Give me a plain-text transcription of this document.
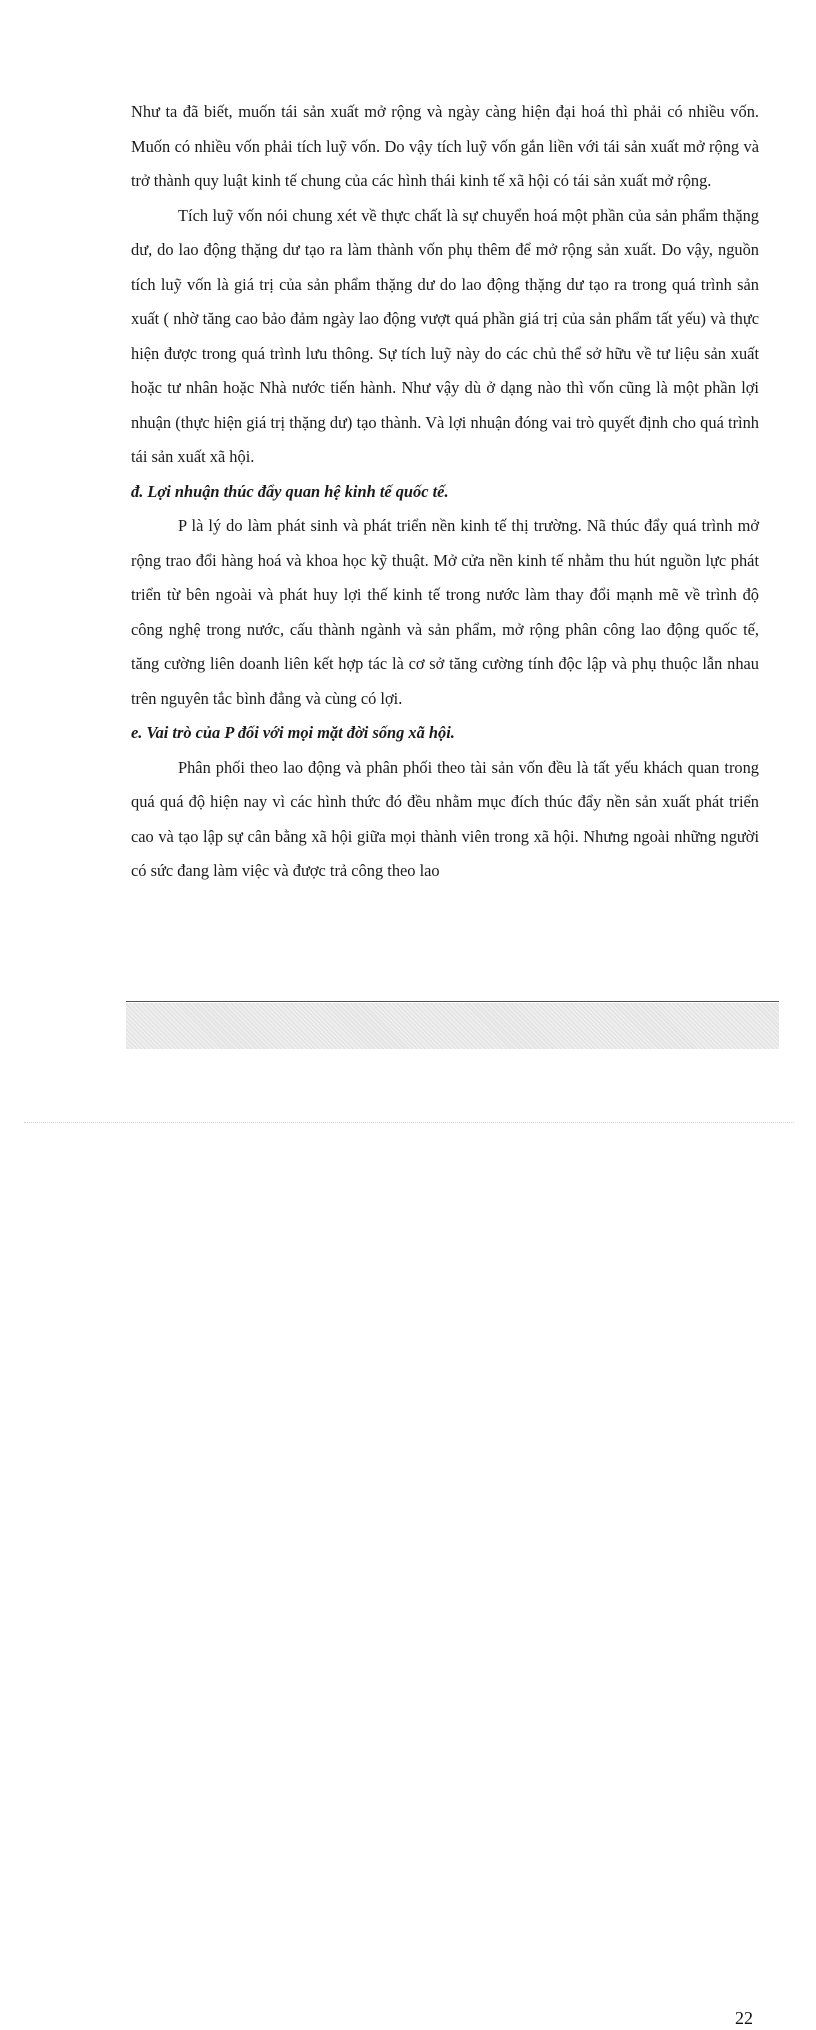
Như ta đã biết, muốn tái sản xuất mở rộng và ngày càng hiện đại hoá thì phải có nhiều vốn. Muốn có nhiều vốn phải tích luỹ vốn. Do vậy tích luỹ vốn gắn liền với tái sản xuất mở rộng và trở thành quy luật kinh tế chung của các hình thái kinh tế xã hội có tái sản xuất mở rộng.

Tích luỹ vốn nói chung xét về thực chất là sự chuyển hoá một phần của sản phẩm thặng dư, do lao động thặng dư tạo ra làm thành vốn phụ thêm để mở rộng sản xuất. Do vậy, nguồn tích luỹ vốn là giá trị của sản phẩm thặng dư do lao động thặng dư tạo ra trong quá trình sản xuất ( nhờ tăng cao bảo đảm ngày lao động vượt quá phần giá trị của sản phẩm tất yếu) và thực hiện được trong quá trình lưu thông. Sự tích luỹ này do các chủ thể sở hữu về tư liệu sản xuất hoặc tư nhân hoặc Nhà nước tiến hành. Như vậy dù ở dạng nào thì vốn cũng là một phần lợi nhuận (thực hiện giá trị thặng dư) tạo thành. Và lợi nhuận đóng vai trò quyết định cho quá trình tái sản xuất xã hội.

đ. Lợi nhuận thúc đẩy quan hệ kinh tế quốc tế.

P là lý do làm phát sinh và phát triển nền kinh tế thị trường. Nã thúc đẩy quá trình mở rộng trao đổi hàng hoá và khoa học kỹ thuật. Mở cửa nền kinh tế nhằm thu hút nguồn lực phát triển từ bên ngoài và phát huy lợi thế kinh tế trong nước làm thay đổi mạnh mẽ về trình độ công nghệ trong nước, cấu thành ngành và sản phẩm, mở rộng phân công lao động quốc tế, tăng cường liên doanh liên kết hợp tác là cơ sở tăng cường tính độc lập và phụ thuộc lẫn nhau trên nguyên tắc bình đẳng và cùng có lợi.

e. Vai trò của P đối với mọi mặt đời sống xã hội.

Phân phối theo lao động và phân phối theo tài sản vốn đều là tất yếu khách quan trong quá quá độ hiện nay vì các hình thức đó đều nhằm mục đích thúc đẩy nền sản xuất phát triển cao và tạo lập sự cân bằng xã hội giữa mọi thành viên trong xã hội. Nhưng ngoài những người có sức đang làm việc và được trả công theo lao

22
